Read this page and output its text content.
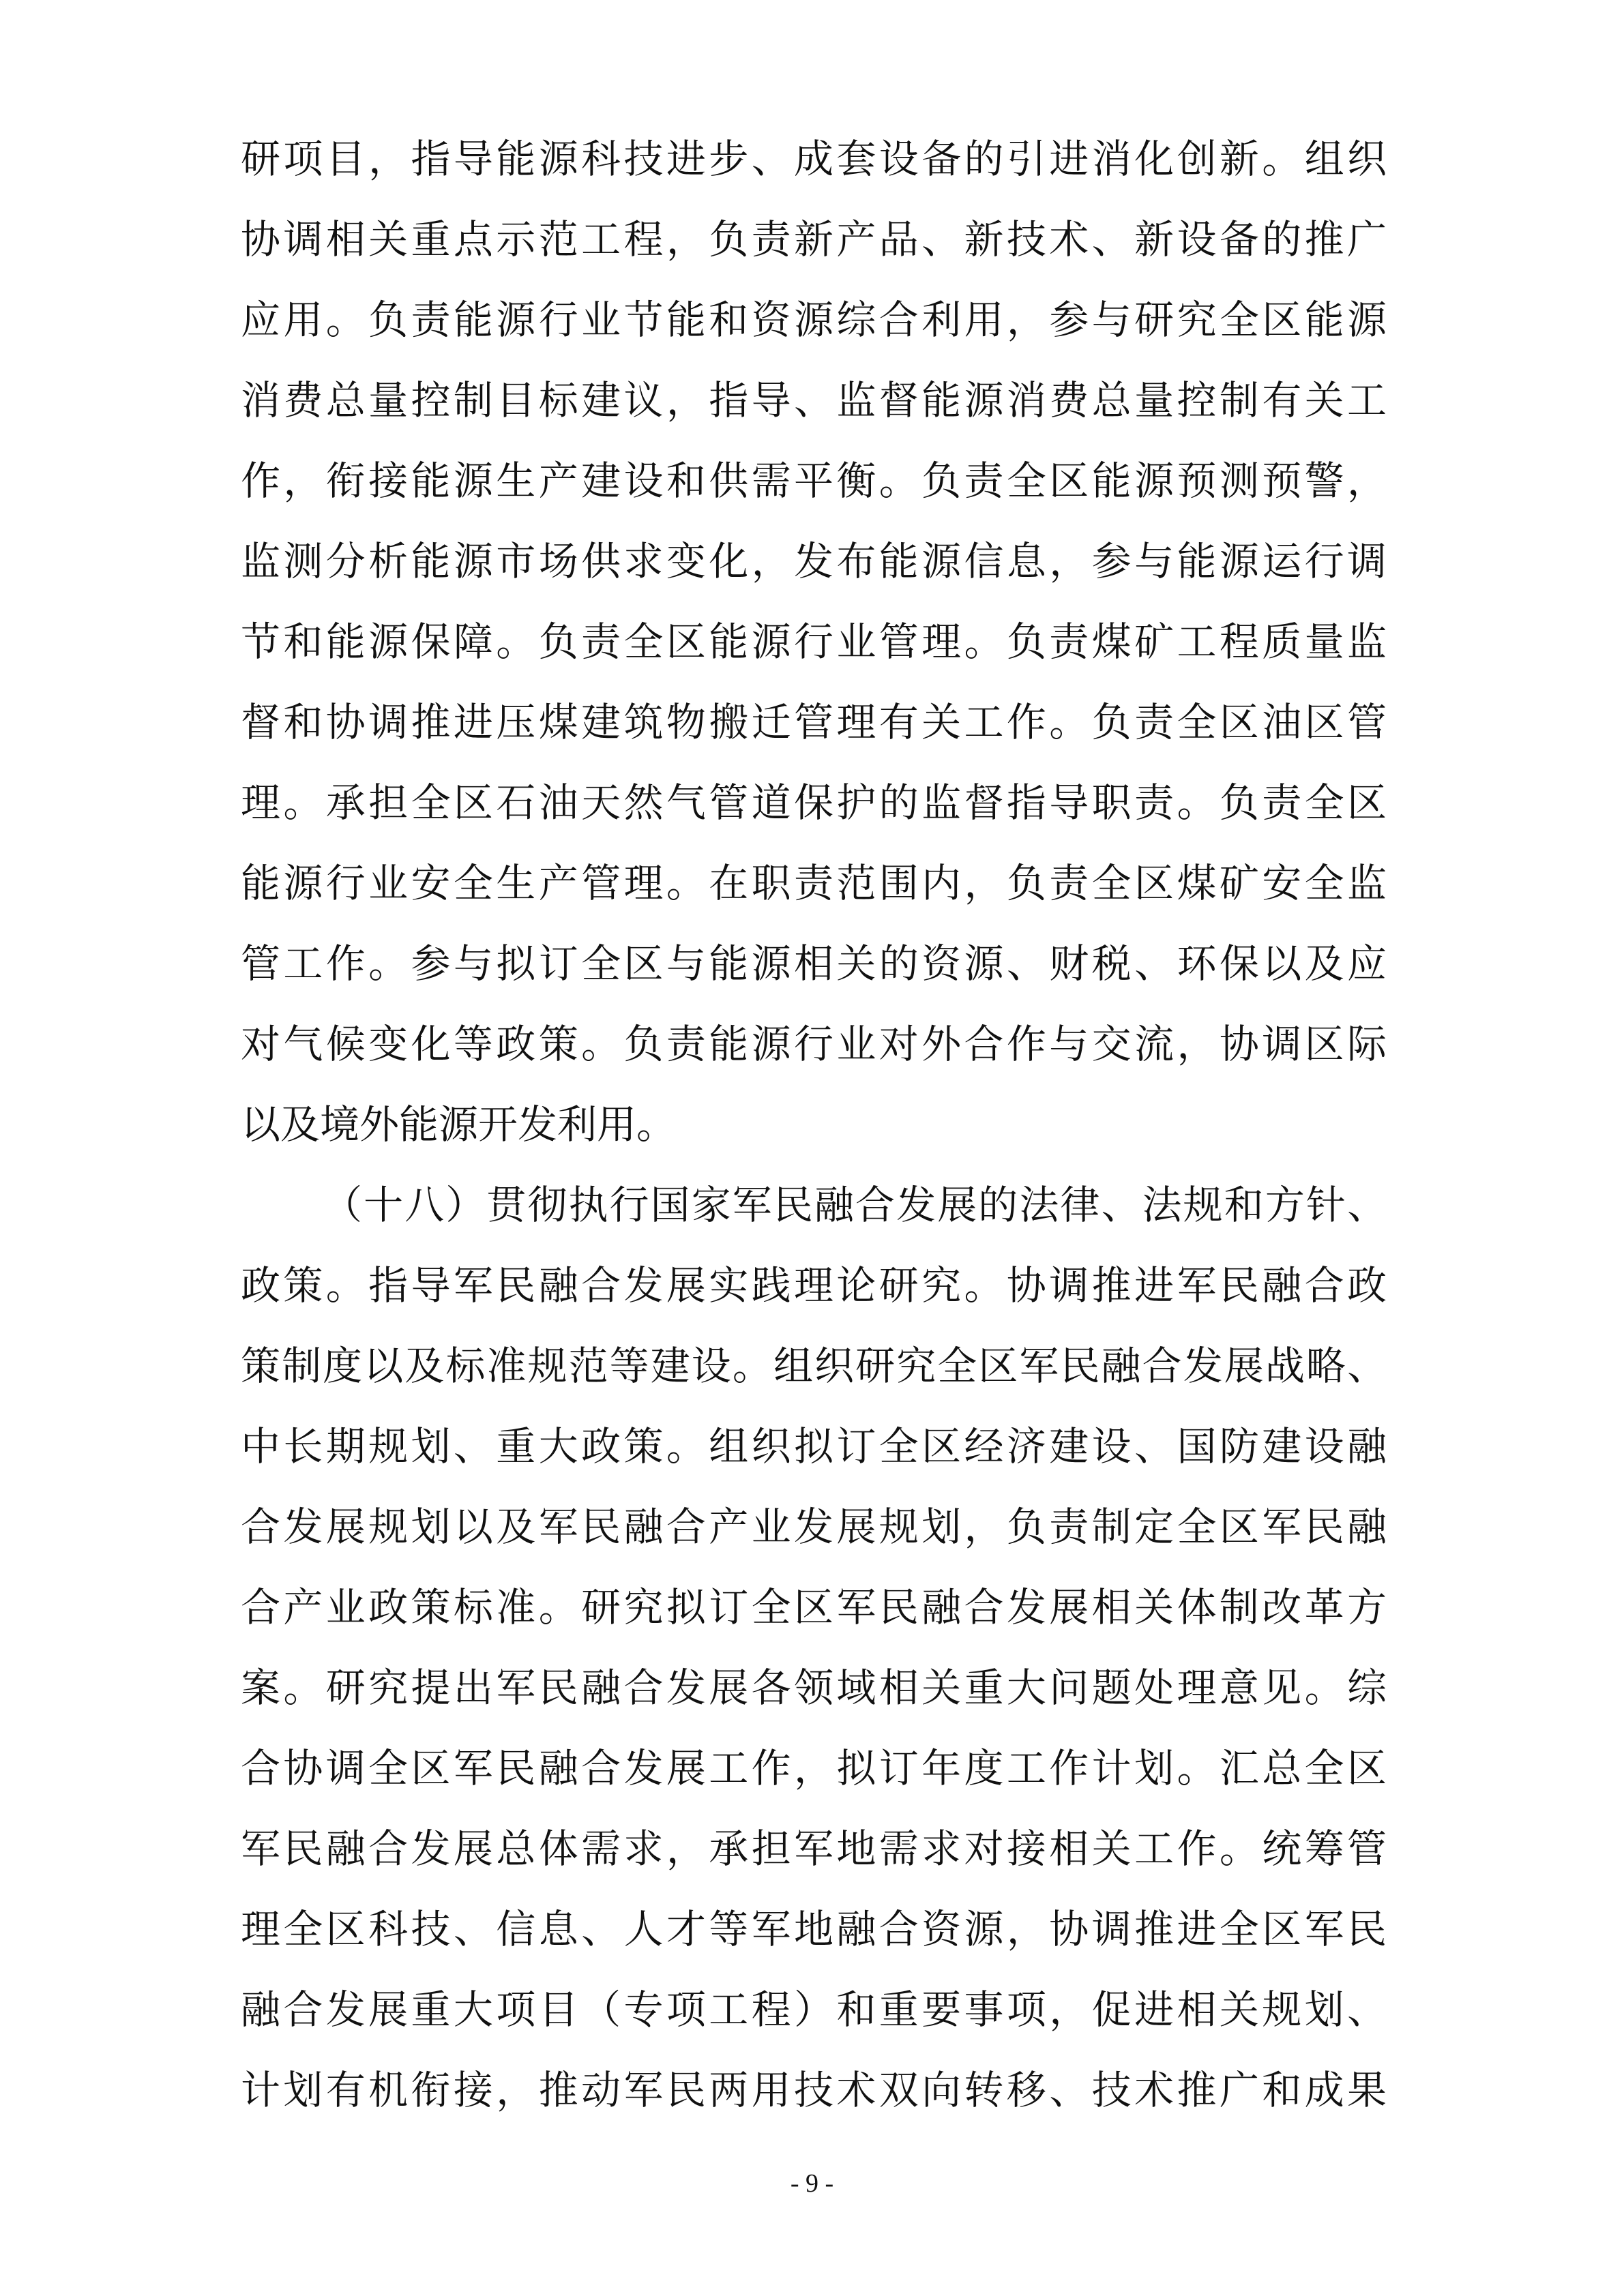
研项目，指导能源科技进步、成套设备的引进消化创新。组织
协调相关重点示范工程，负责新产品、新技术、新设备的推广
应用。负责能源行业节能和资源综合利用，参与研究全区能源
消费总量控制目标建议，指导、监督能源消费总量控制有关工
作，衔接能源生产建设和供需平衡。负责全区能源预测预警，
监测分析能源市场供求变化，发布能源信息，参与能源运行调
节和能源保障。负责全区能源行业管理。负责煤矿工程质量监
督和协调推进压煤建筑物搬迁管理有关工作。负责全区油区管
理。承担全区石油天然气管道保护的监督指导职责。负责全区
能源行业安全生产管理。在职责范围内，负责全区煤矿安全监
管工作。参与拟订全区与能源相关的资源、财税、环保以及应
对气候变化等政策。负责能源行业对外合作与交流，协调区际
以及境外能源开发利用。
（十八）贯彻执行国家军民融合发展的法律、法规和方针、
政策。指导军民融合发展实践理论研究。协调推进军民融合政
策制度以及标准规范等建设。组织研究全区军民融合发展战略、
中长期规划、重大政策。组织拟订全区经济建设、国防建设融
合发展规划以及军民融合产业发展规划，负责制定全区军民融
合产业政策标准。研究拟订全区军民融合发展相关体制改革方
案。研究提出军民融合发展各领域相关重大问题处理意见。综
合协调全区军民融合发展工作，拟订年度工作计划。汇总全区
军民融合发展总体需求，承担军地需求对接相关工作。统筹管
理全区科技、信息、人才等军地融合资源，协调推进全区军民
融合发展重大项目（专项工程）和重要事项，促进相关规划、
计划有机衔接，推动军民两用技术双向转移、技术推广和成果
- 9 -
